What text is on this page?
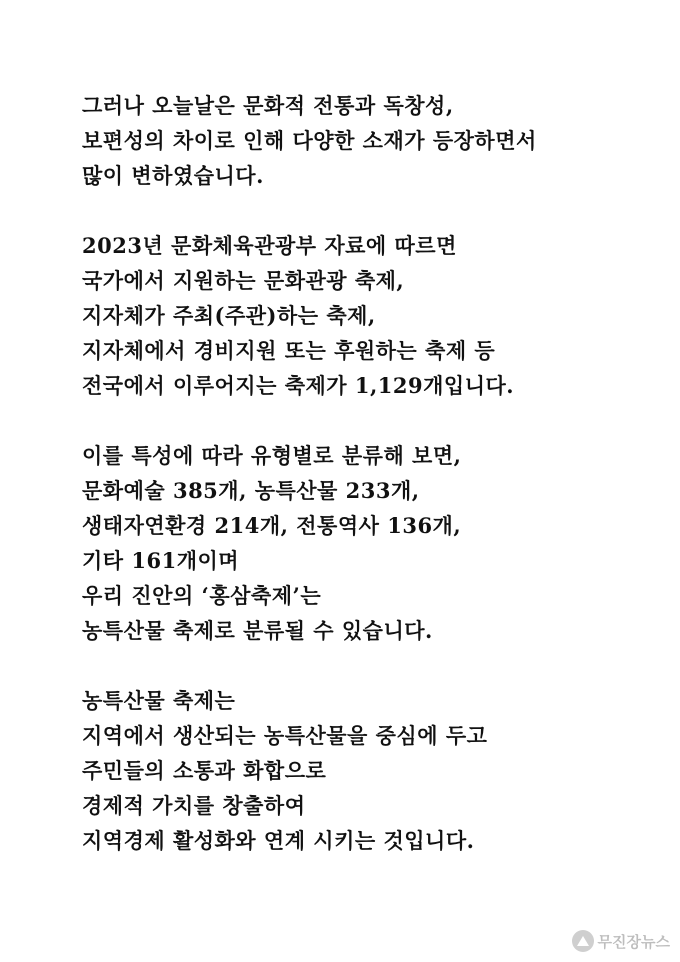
그러나 오늘날은 문화적 전통과 독창성,
보편성의 차이로 인해 다양한 소재가 등장하면서
많이 변하였습니다.
2023년 문화체육관광부 자료에 따르면
국가에서 지원하는 문화관광 축제,
지자체가 주최(주관)하는 축제,
지자체에서 경비지원 또는 후원하는 축제 등
전국에서 이루어지는 축제가 1,129개입니다.
이를 특성에 따라 유형별로 분류해 보면,
문화예술 385개, 농특산물 233개,
생태자연환경 214개, 전통역사 136개,
기타 161개이며
우리 진안의 ‘홍삼축제’는
농특산물 축제로 분류될 수 있습니다.
농특산물 축제는
지역에서 생산되는 농특산물을 중심에 두고
주민들의 소통과 화합으로
경제적 가치를 창출하여
지역경제 활성화와 연계 시키는 것입니다.
무진장뉴스
